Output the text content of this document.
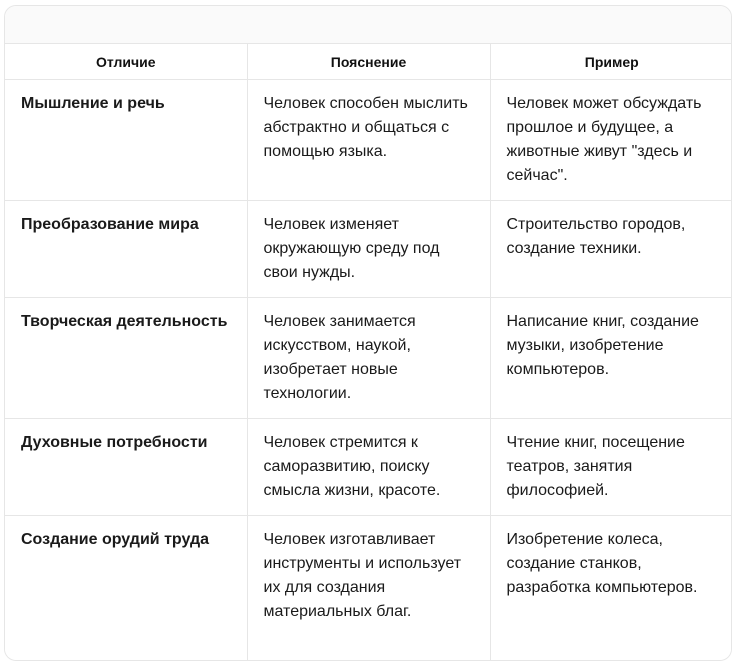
Отличие	Пояснение	Пример
Мышление и речь	Человек способен мыслить абстрактно и общаться с помощью языка.	Человек может обсуждать прошлое и будущее, а животные живут "здесь и сейчас".
Преобразование мира	Человек изменяет окружающую среду под свои нужды.	Строительство городов, создание техники.
Творческая деятельность	Человек занимается искусством, наукой, изобретает новые технологии.	Написание книг, создание музыки, изобретение компьютеров.
Духовные потребности	Человек стремится к саморазвитию, поиску смысла жизни, красоте.	Чтение книг, посещение театров, занятия философией.
Создание орудий труда	Человек изготавливает инструменты и использует их для создания материальных благ.	Изобретение колеса, создание станков, разработка компьютеров.
